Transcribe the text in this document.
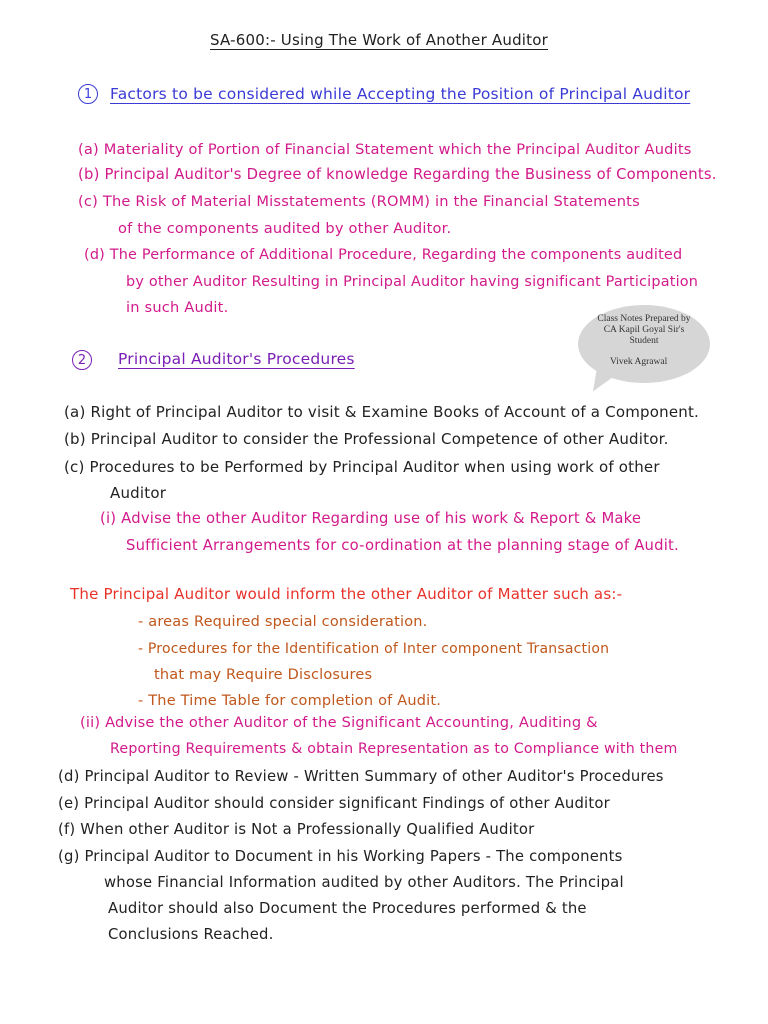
SA-600:- Using The Work of Another Auditor
1	Factors to be considered while Accepting the Position of Principal Auditor
(a) Materiality of Portion of Financial Statement which the Principal Auditor Audits
(b) Principal Auditor's Degree of knowledge Regarding the Business of Components.
(c) The Risk of Material Misstatements (ROMM) in the Financial Statements
of the components audited by other Auditor.
(d) The Performance of Additional Procedure, Regarding the components audited
by other Auditor Resulting in Principal Auditor having significant Participation
in such Audit.
Class Notes Prepared by
CA Kapil Goyal Sir's
Student
Vivek Agrawal
2	Principal Auditor's Procedures
(a) Right of Principal Auditor to visit & Examine Books of Account of a Component.
(b) Principal Auditor to consider the Professional Competence of other Auditor.
(c) Procedures to be Performed by Principal Auditor when using work of other
Auditor
(i) Advise the other Auditor Regarding use of his work & Report & Make
Sufficient Arrangements for co-ordination at the planning stage of Audit.
The Principal Auditor would inform the other Auditor of Matter such as:-
- areas Required special consideration.
- Procedures for the Identification of Inter component Transaction
that may Require Disclosures
- The Time Table for completion of Audit.
(ii) Advise the other Auditor of the Significant Accounting, Auditing &
Reporting Requirements & obtain Representation as to Compliance with them
(d) Principal Auditor to Review - Written Summary of other Auditor's Procedures
(e) Principal Auditor should consider significant Findings of other Auditor
(f) When other Auditor is Not a Professionally Qualified Auditor
(g) Principal Auditor to Document in his Working Papers - The components
whose Financial Information audited by other Auditors. The Principal
Auditor should also Document the Procedures performed & the
Conclusions Reached.
